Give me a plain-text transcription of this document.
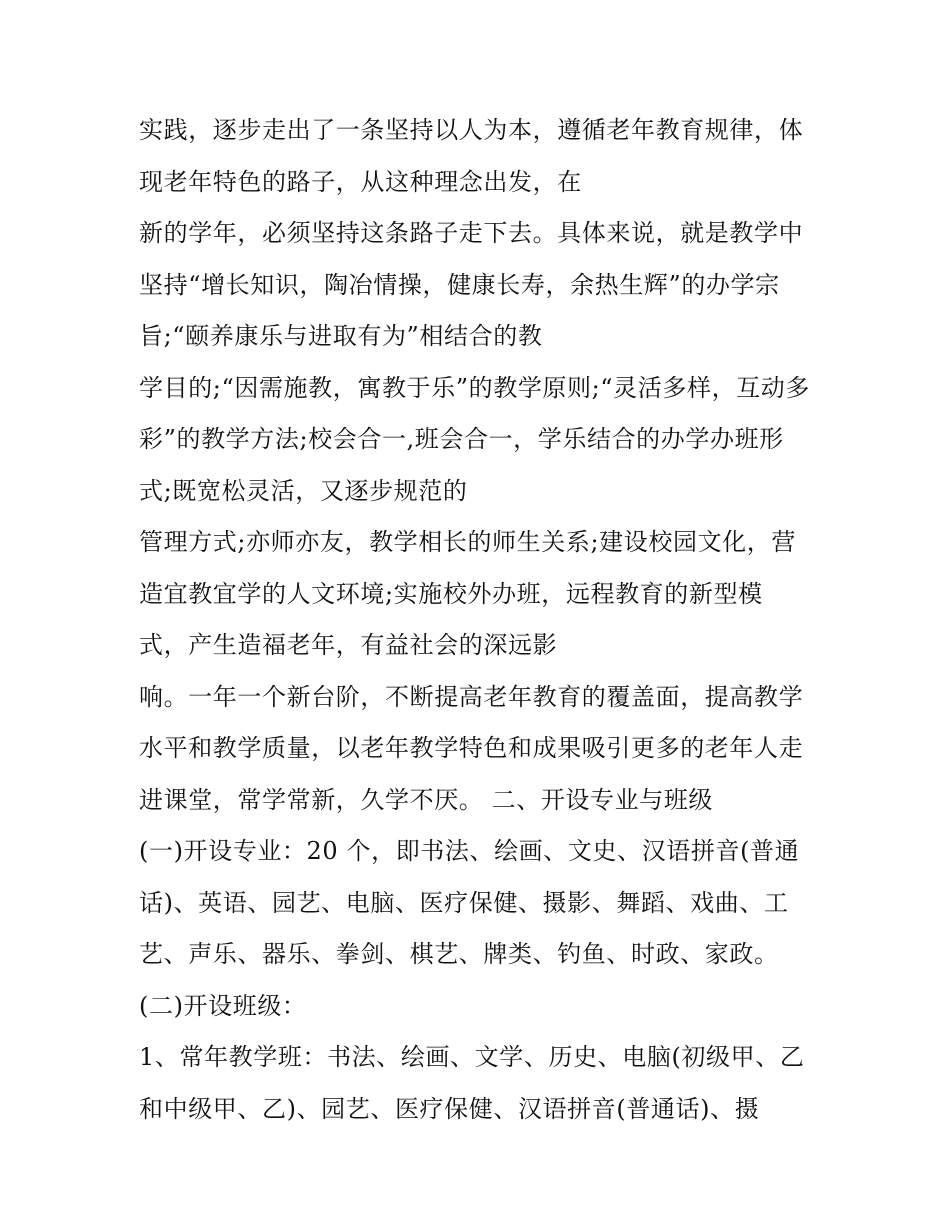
实践，逐步走出了一条坚持以人为本，遵循老年教育规律，体
现老年特色的路子，从这种理念出发，在
新的学年，必须坚持这条路子走下去。具体来说，就是教学中
坚持“增长知识，陶冶情操，健康长寿，余热生辉”的办学宗
旨;“颐养康乐与进取有为”相结合的教
学目的;“因需施教，寓教于乐”的教学原则;“灵活多样，互动多
彩”的教学方法;校会合一,班会合一，学乐结合的办学办班形
式;既宽松灵活，又逐步规范的
管理方式;亦师亦友，教学相长的师生关系;建设校园文化，营
造宜教宜学的人文环境;实施校外办班，远程教育的新型模
式，产生造福老年，有益社会的深远影
响。一年一个新台阶，不断提高老年教育的覆盖面，提高教学
水平和教学质量，以老年教学特色和成果吸引更多的老年人走
进课堂，常学常新，久学不厌。 二、开设专业与班级
(一)开设专业：20 个，即书法、绘画、文史、汉语拼音(普通
话)、英语、园艺、电脑、医疗保健、摄影、舞蹈、戏曲、工
艺、声乐、器乐、拳剑、棋艺、牌类、钓鱼、时政、家政。
(二)开设班级：
1、常年教学班：书法、绘画、文学、历史、电脑(初级甲、乙
和中级甲、乙)、园艺、医疗保健、汉语拼音(普通话)、摄
